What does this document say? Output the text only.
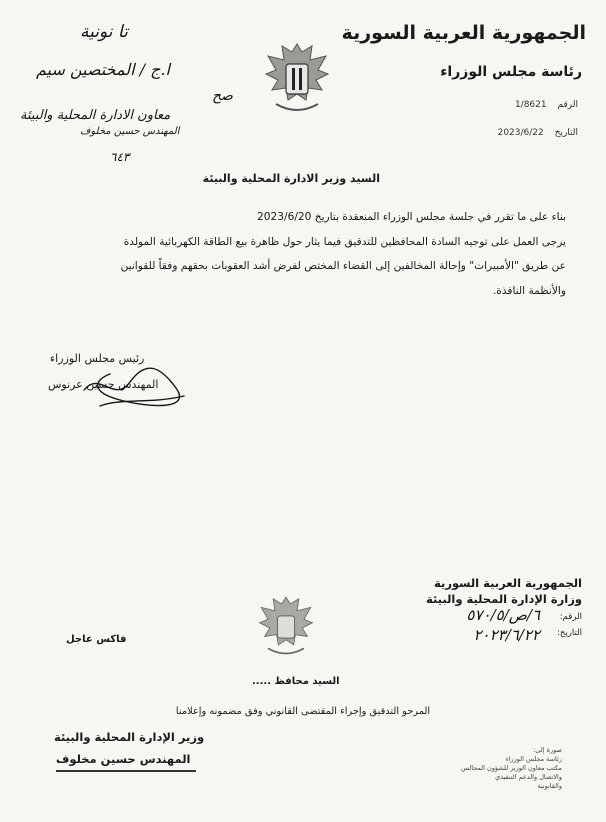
الجمهورية العربية السورية
رئاسة مجلس الوزراء
الرقم 1/8621
التاريخ 2023/6/22
تا نونية
ا.ج / المختصين سيم
معاون الادارة المحلية والبيئة
المهندس حسين مخلوف
٦٤٣
صح
السيد وزير الادارة المحلية والبيئة

بناء على ما تقرر في جلسة مجلس الوزراء المنعقدة بتاريخ 2023/6/20

يرجى العمل على توجيه السادة المحافظين للتدقيق فيما يثار حول ظاهرة بيع الطاقة الكهربائية المولدة

عن طريق "الأمبيرات" وإحالة المخالفين إلى القضاء المختص لفرض أشد العقوبات بحقهم وفقاً للقوانين

والأنظمة النافذة.

رئيس مجلس الوزراء
المهندس حسين عرنوس
الجمهورية العربية السورية
وزارة الإدارة المحلية والبيئة
الرقم:
التاريخ:
٦/ص/٥٧٠/٥
٢٠٢٣/٦/٢٢
فاكس عاجل
السيد محافظ .....
المرجو التدقيق وإجراء المقتضى القانوني وفق مضمونه وإعلامنا
وزير الإدارة المحلية والبيئة
المهندس حسين مخلوف
صورة إلى:
رئاسة مجلس الوزراء
مكتب معاون الوزير للشؤون المجالس
والاتصال والدعم التنفيذي
والقانونية
